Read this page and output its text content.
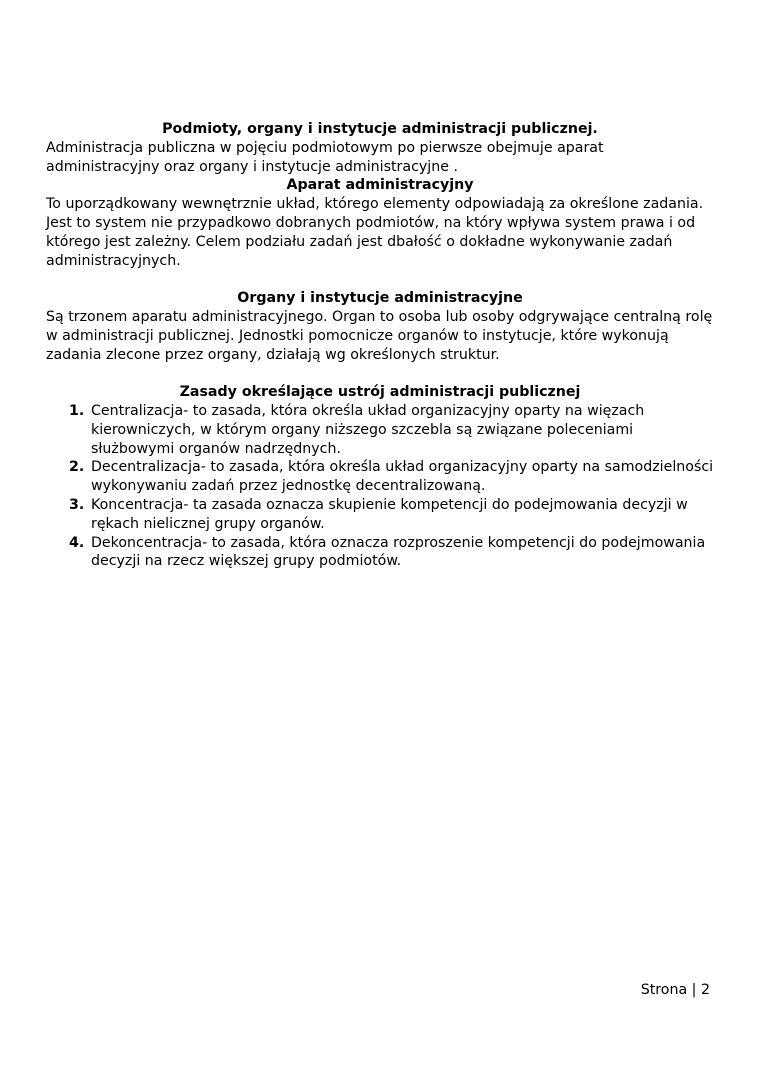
Podmioty, organy i instytucje administracji publicznej.

Administracja publiczna w pojęciu podmiotowym po pierwsze obejmuje aparat administracyjny oraz organy i instytucje administracyjne .

Aparat administracyjny

To uporządkowany wewnętrznie układ, którego elementy odpowiadają za określone zadania. Jest to system nie przypadkowo dobranych podmiotów, na który wpływa system prawa i od którego jest zależny. Celem podziału zadań jest dbałość o dokładne wykonywanie zadań administracyjnych.

Organy i instytucje administracyjne

Są trzonem aparatu administracyjnego. Organ to osoba lub osoby odgrywające centralną rolę w administracji publicznej. Jednostki pomocnicze organów to instytucje, które wykonują zadania zlecone przez organy, działają wg określonych struktur.

Zasady określające ustrój administracji publicznej

1. Centralizacja- to zasada, która określa układ organizacyjny oparty na więzach kierowniczych, w którym organy niższego szczebla są związane poleceniami służbowymi organów nadrzędnych.
2. Decentralizacja- to zasada, która określa układ organizacyjny oparty na samodzielności wykonywaniu zadań przez jednostkę decentralizowaną.
3. Koncentracja- ta zasada oznacza skupienie kompetencji do podejmowania decyzji w rękach nielicznej grupy organów.
4. Dekoncentracja- to zasada, która oznacza rozproszenie kompetencji do podejmowania decyzji na rzecz większej grupy podmiotów.
Strona | 2
